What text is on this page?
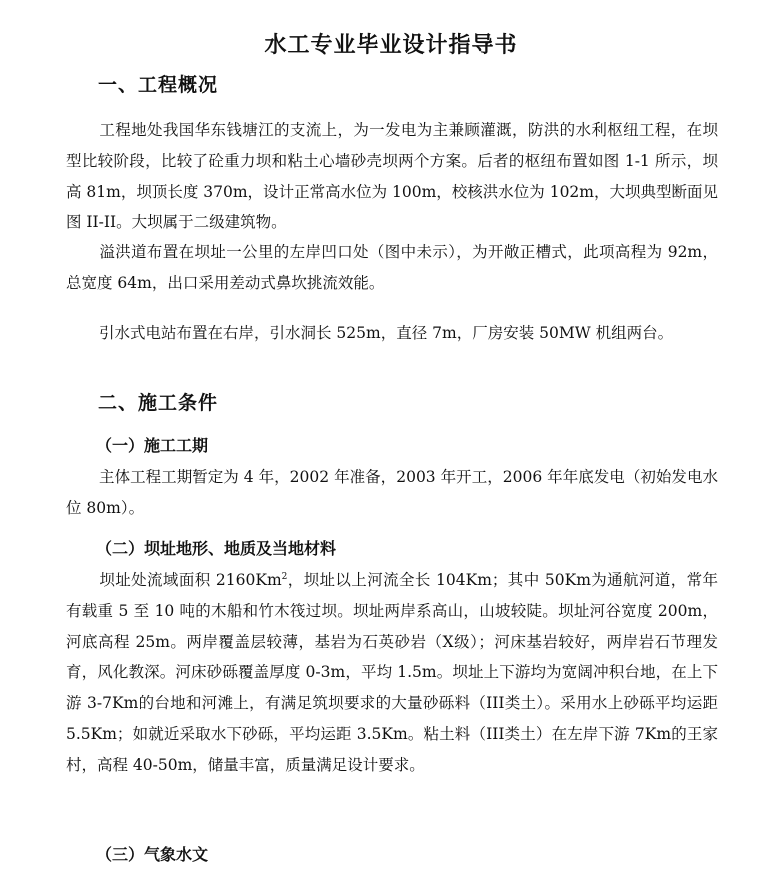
水工专业毕业设计指导书
一、工程概况
工程地处我国华东钱塘江的支流上，为一发电为主兼顾灌溉，防洪的水利枢纽工程，在坝型比较阶段，比较了砼重力坝和粘土心墙砂壳坝两个方案。后者的枢纽布置如图 1-1 所示，坝高 81m，坝顶长度 370m，设计正常高水位为 100m，校核洪水位为 102m，大坝典型断面见图 II-II。大坝属于二级建筑物。
溢洪道布置在坝址一公里的左岸凹口处（图中未示），为开敞正槽式，此项高程为 92m，总宽度 64m，出口采用差动式鼻坎挑流效能。
引水式电站布置在右岸，引水洞长 525m，直径 7m，厂房安装 50MW 机组两台。
二、施工条件
（一）施工工期
主体工程工期暂定为 4 年，2002 年准备，2003 年开工，2006 年年底发电（初始发电水位 80m）。
（二）坝址地形、地质及当地材料
坝址处流域面积 2160Km$^2$，坝址以上河流全长 104Km；其中 50Km为通航河道，常年有载重 5 至 10 吨的木船和竹木筏过坝。坝址两岸系高山，山坡较陡。坝址河谷宽度 200m，河底高程 25m。两岸覆盖层较薄，基岩为石英砂岩（X级）；河床基岩较好，两岸岩石节理发育，风化教深。河床砂砾覆盖厚度 0-3m，平均 1.5m。坝址上下游均为宽阔冲积台地，在上下游 3-7Km的台地和河滩上，有满足筑坝要求的大量砂砾料（III类土）。采用水上砂砾平均运距 5.5Km；如就近采取水下砂砾，平均运距 3.5Km。粘土料（III类土）在左岸下游 7Km的王家村，高程 40-50m，储量丰富，质量满足设计要求。
（三）气象水文
